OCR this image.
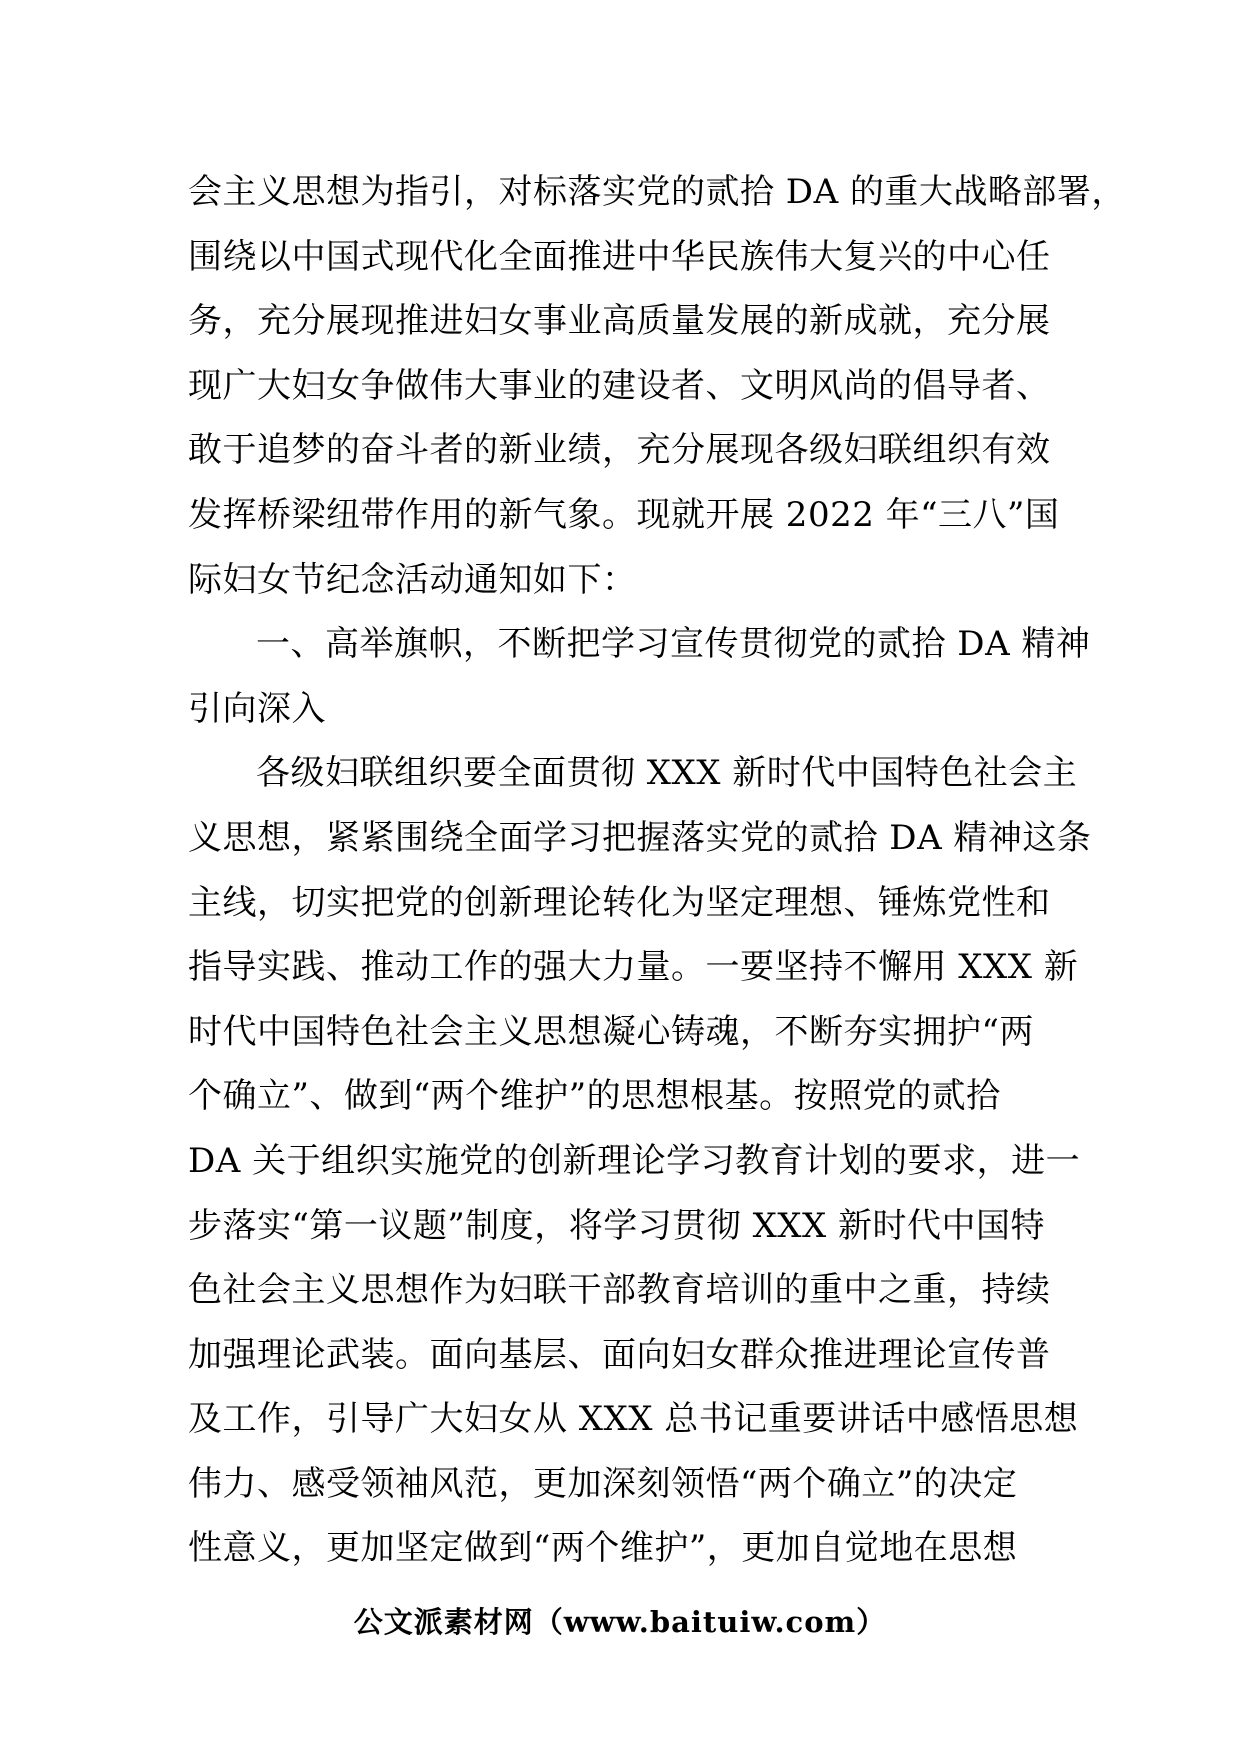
会主义思想为指引，对标落实党的贰拾 DA 的重大战略部署，
围绕以中国式现代化全面推进中华民族伟大复兴的中心任
务，充分展现推进妇女事业高质量发展的新成就，充分展
现广大妇女争做伟大事业的建设者、文明风尚的倡导者、
敢于追梦的奋斗者的新业绩，充分展现各级妇联组织有效
发挥桥梁纽带作用的新气象。现就开展 2022 年“三八”国
际妇女节纪念活动通知如下：
一、高举旗帜，不断把学习宣传贯彻党的贰拾 DA 精神
引向深入
各级妇联组织要全面贯彻 XXX 新时代中国特色社会主
义思想，紧紧围绕全面学习把握落实党的贰拾 DA 精神这条
主线，切实把党的创新理论转化为坚定理想、锤炼党性和
指导实践、推动工作的强大力量。一要坚持不懈用 XXX 新
时代中国特色社会主义思想凝心铸魂，不断夯实拥护“两
个确立”、做到“两个维护”的思想根基。按照党的贰拾
DA 关于组织实施党的创新理论学习教育计划的要求，进一
步落实“第一议题”制度，将学习贯彻 XXX 新时代中国特
色社会主义思想作为妇联干部教育培训的重中之重，持续
加强理论武装。面向基层、面向妇女群众推进理论宣传普
及工作，引导广大妇女从 XXX 总书记重要讲话中感悟思想
伟力、感受领袖风范，更加深刻领悟“两个确立”的决定
性意义，更加坚定做到“两个维护”，更加自觉地在思想
公文派素材网（www.baituiw.com）
